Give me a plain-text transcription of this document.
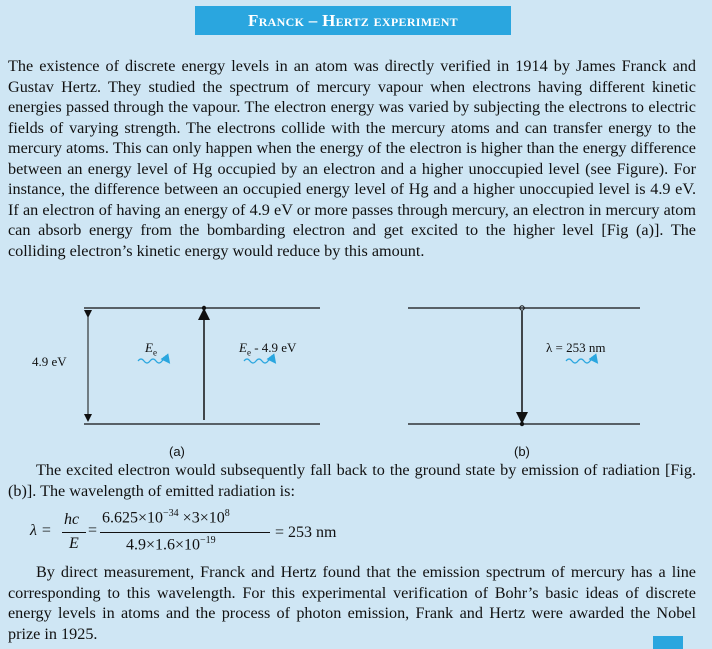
Franck – Hertz experiment

The existence of discrete energy levels in an atom was directly verified in 1914 by James Franck and Gustav Hertz. They studied the spectrum of mercury vapour when electrons having different kinetic energies passed through the vapour. The electron energy was varied by subjecting the electrons to electric fields of varying strength. The electrons collide with the mercury atoms and can transfer energy to the mercury atoms. This can only happen when the energy of the electron is higher than the energy difference between an energy level of Hg occupied by an electron and a higher unoccupied level (see Figure). For instance, the difference between an occupied energy level of Hg and a higher unoccupied level is 4.9 eV. If an electron of having an energy of 4.9 eV or more passes through mercury, an electron in mercury atom can absorb energy from the bombarding electron and get excited to the higher level [Fig (a)]. The colliding electron’s kinetic energy would reduce by this amount.

4.9 eV
$E_e$	$E_e - 4.9$ eV	λ = 253 nm
(a)	(b)

The excited electron would subsequently fall back to the ground state by emission of radiation [Fig. (b)]. The wavelength of emitted radiation is:

λ =
hc
E
=
$6.625\times 10^{-34} \times 3\times 10^8$
$4.9\times 1.6\times 10^{-19}$	= 253 nm

By direct measurement, Franck and Hertz found that the emission spectrum of mercury has a line corresponding to this wavelength. For this experimental verification of Bohr’s basic ideas of discrete energy levels in atoms and the process of photon emission, Frank and Hertz were awarded the Nobel prize in 1925.
